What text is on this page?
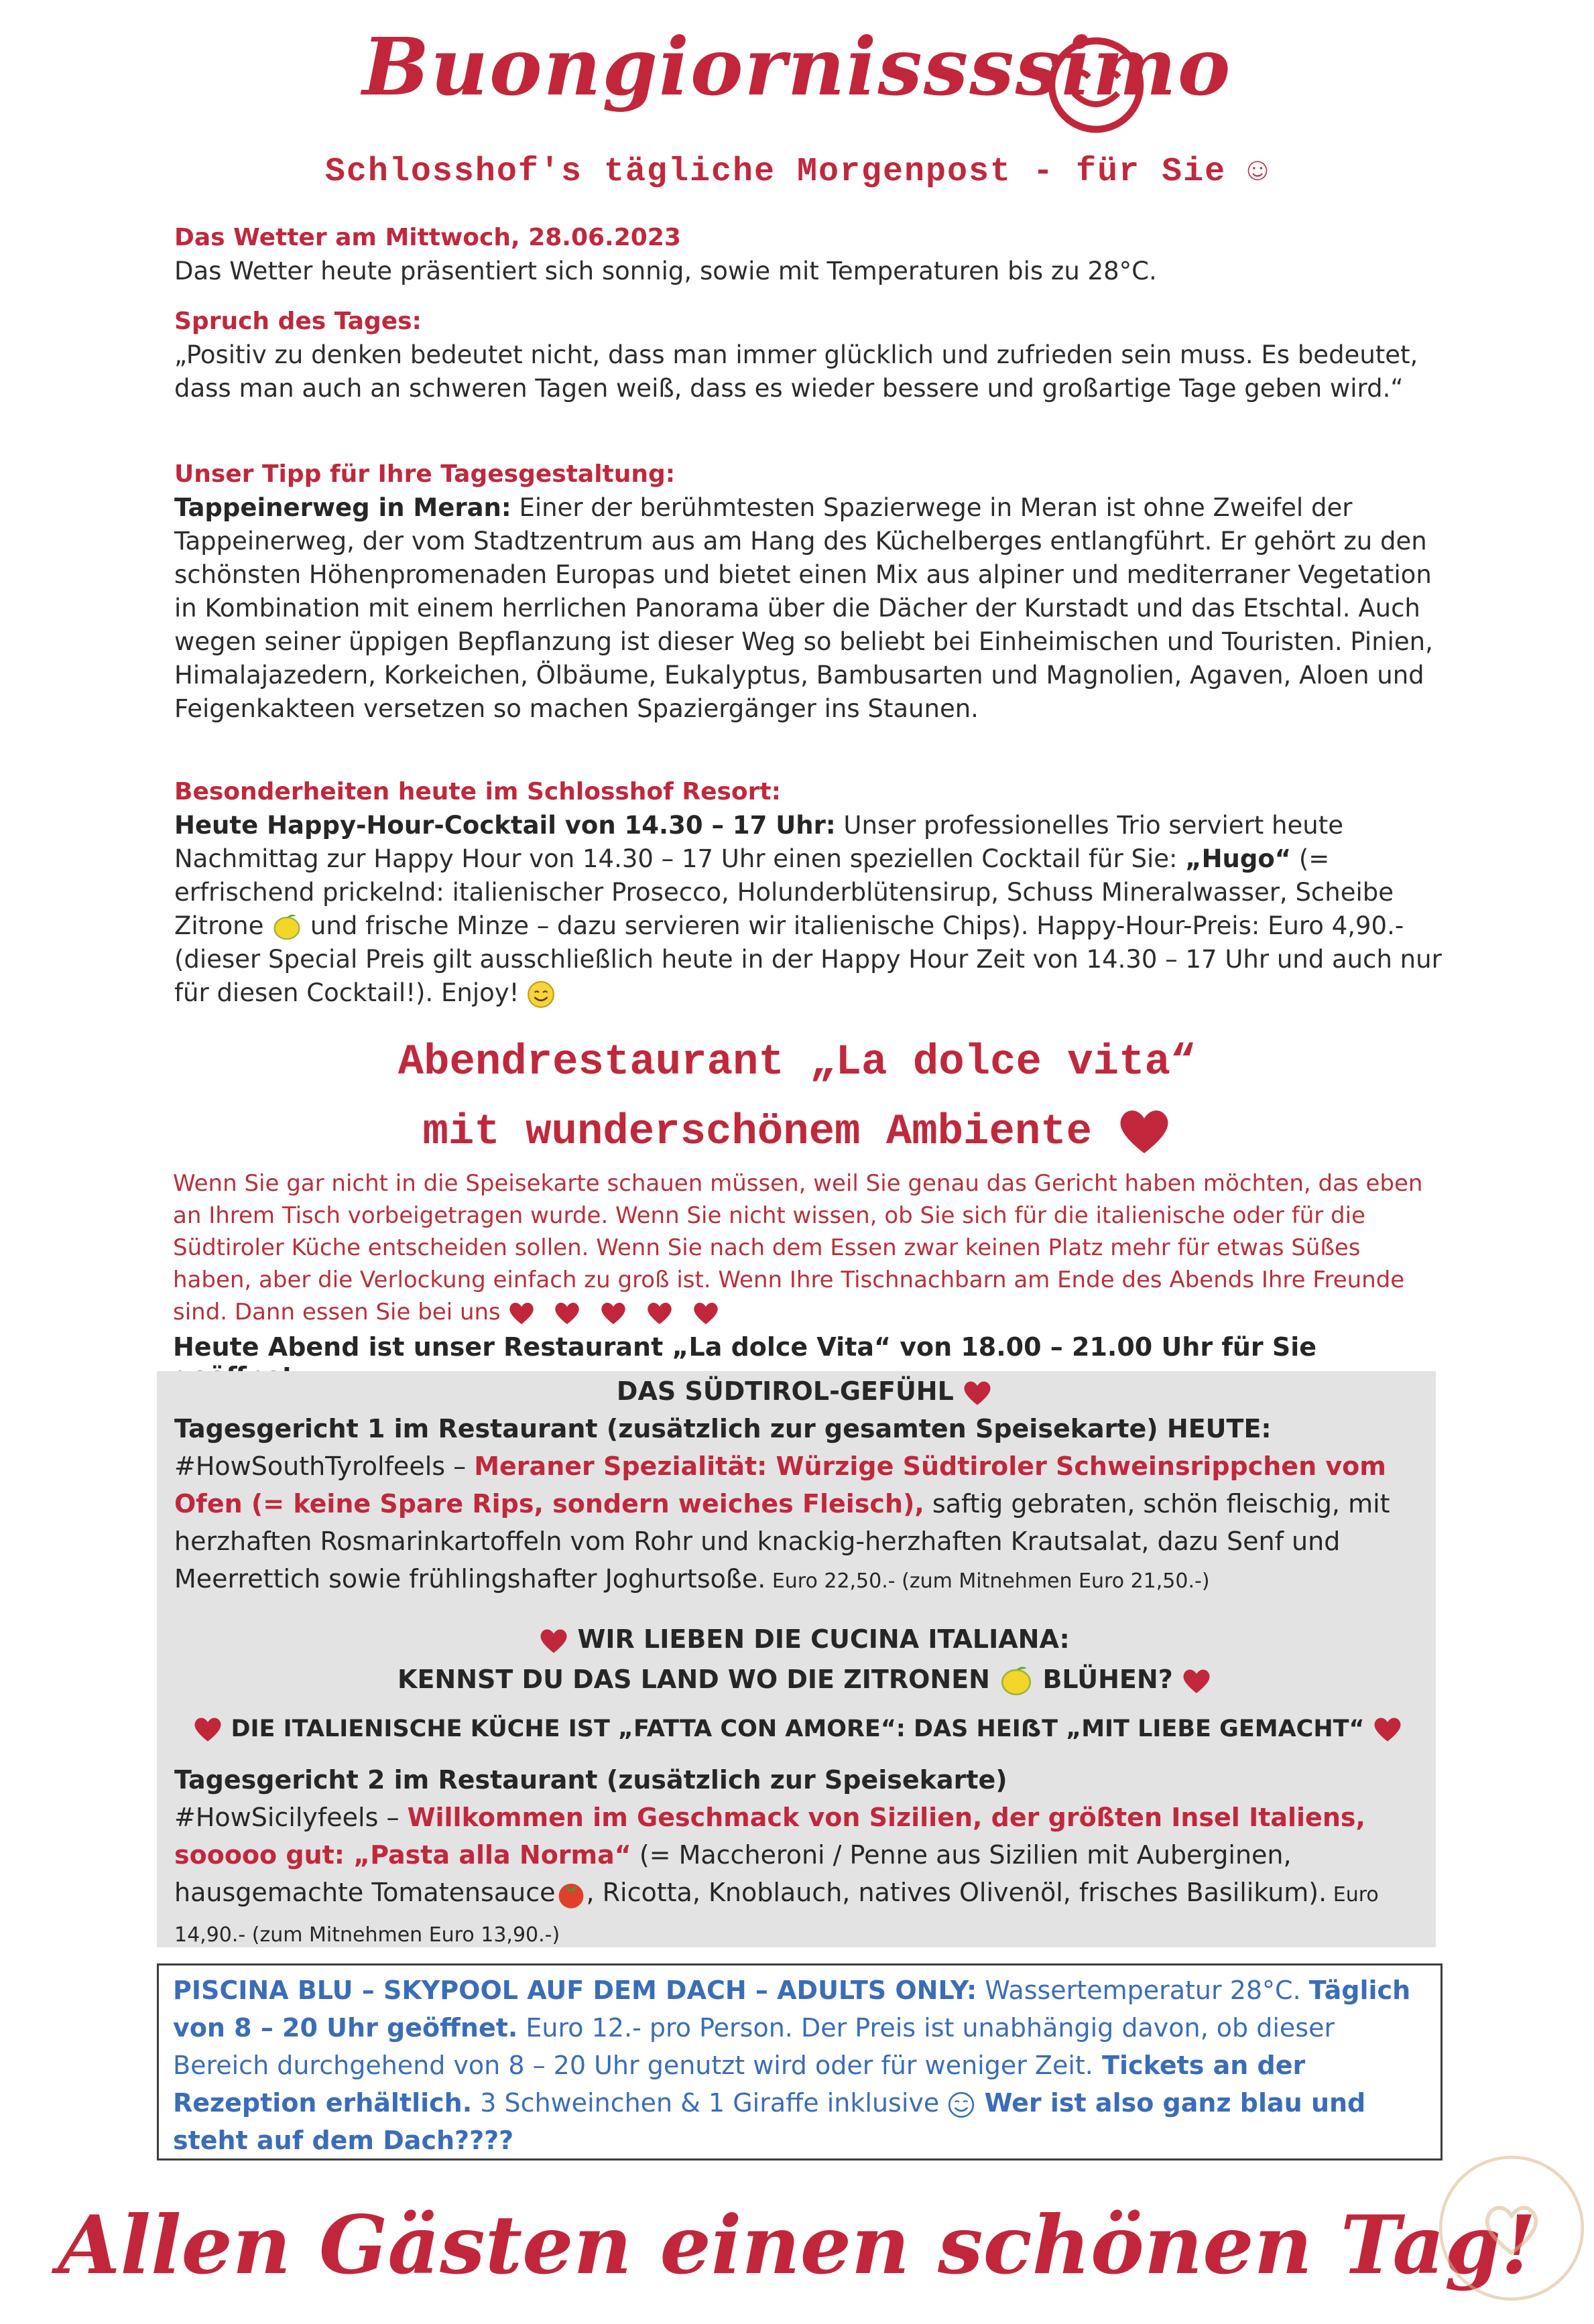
Buongiornissssimo
Schlosshof's tägliche Morgenpost - für Sie ☺
Das Wetter am Mittwoch, 28.06.2023
Das Wetter heute präsentiert sich sonnig, sowie mit Temperaturen bis zu 28°C.
Spruch des Tages:
„Positiv zu denken bedeutet nicht, dass man immer glücklich und zufrieden sein muss. Es bedeutet, dass man auch an schweren Tagen weiß, dass es wieder bessere und großartige Tage geben wird.“
Unser Tipp für Ihre Tagesgestaltung:
Tappeinerweg in Meran: Einer der berühmtesten Spazierwege in Meran ist ohne Zweifel der Tappeinerweg, der vom Stadtzentrum aus am Hang des Küchelberges entlangführt. Er gehört zu den schönsten Höhenpromenaden Europas und bietet einen Mix aus alpiner und mediterraner Vegetation in Kombination mit einem herrlichen Panorama über die Dächer der Kurstadt und das Etschtal. Auch wegen seiner üppigen Bepflanzung ist dieser Weg so beliebt bei Einheimischen und Touristen. Pinien, Himalajazedern, Korkeichen, Ölbäume, Eukalyptus, Bambusarten und Magnolien, Agaven, Aloen und Feigenkakteen versetzen so machen Spaziergänger ins Staunen.
Besonderheiten heute im Schlosshof Resort:
Heute Happy-Hour-Cocktail von 14.30 – 17 Uhr: Unser professionelles Trio serviert heute Nachmittag zur Happy Hour von 14.30 – 17 Uhr einen speziellen Cocktail für Sie: „Hugo“ (= erfrischend prickelnd: italienischer Prosecco, Holunderblütensirup, Schuss Mineralwasser, Scheibe Zitrone  und frische Minze – dazu servieren wir italienische Chips). Happy-Hour-Preis: Euro 4,90.- (dieser Special Preis gilt ausschließlich heute in der Happy Hour Zeit von 14.30 – 17 Uhr und auch nur für diesen Cocktail!). Enjoy!
Abendrestaurant „La dolce vita“
mit wunderschönem Ambiente
Wenn Sie gar nicht in die Speisekarte schauen müssen, weil Sie genau das Gericht haben möchten, das eben an Ihrem Tisch vorbeigetragen wurde. Wenn Sie nicht wissen, ob Sie sich für die italienische oder für die Südtiroler Küche entscheiden sollen. Wenn Sie nach dem Essen zwar keinen Platz mehr für etwas Süßes haben, aber die Verlockung einfach zu groß ist. Wenn Ihre Tischnachbarn am Ende des Abends Ihre Freunde sind. Dann essen Sie bei uns
Heute Abend ist unser Restaurant „La dolce Vita“ von 18.00 – 21.00 Uhr für Sie
DAS SÜDTIROL-GEFÜHL
Tagesgericht 1 im Restaurant (zusätzlich zur gesamten Speisekarte) HEUTE:
#HowSouthTyrolfeels – Meraner Spezialität: Würzige Südtiroler Schweinsrippchen vom Ofen (= keine Spare Rips, sondern weiches Fleisch), saftig gebraten, schön fleischig, mit herzhaften Rosmarinkartoffeln vom Rohr und knackig-herzhaften Krautsalat, dazu Senf und Meerrettich sowie frühlingshafter Joghurtsoße. Euro 22,50.- (zum Mitnehmen Euro 21,50.-)
WIR LIEBEN DIE CUCINA ITALIANA:
KENNST DU DAS LAND WO DIE ZITRONEN BLÜHEN?
DIE ITALIENISCHE KÜCHE IST „FATTA CON AMORE“: DAS HEIẞT „MIT LIEBE GEMACHT“
Tagesgericht 2 im Restaurant (zusätzlich zur Speisekarte)
#HowSicilyfeels – Willkommen im Geschmack von Sizilien, der größten Insel Italiens, sooooo gut: „Pasta alla Norma“ (= Maccheroni / Penne aus Sizilien mit Auberginen, hausgemachte Tomatensauce , Ricotta, Knoblauch, natives Olivenöl, frisches Basilikum). Euro 14,90.- (zum Mitnehmen Euro 13,90.-)
PISCINA BLU – SKYPOOL AUF DEM DACH – ADULTS ONLY: Wassertemperatur 28°C. Täglich von 8 – 20 Uhr geöffnet. Euro 12.- pro Person. Der Preis ist unabhängig davon, ob dieser Bereich durchgehend von 8 – 20 Uhr genutzt wird oder für weniger Zeit. Tickets an der Rezeption erhältlich. 3 Schweinchen & 1 Giraffe inklusive  Wer ist also ganz blau und steht auf dem Dach????
Allen Gästen einen schönen Tag!
